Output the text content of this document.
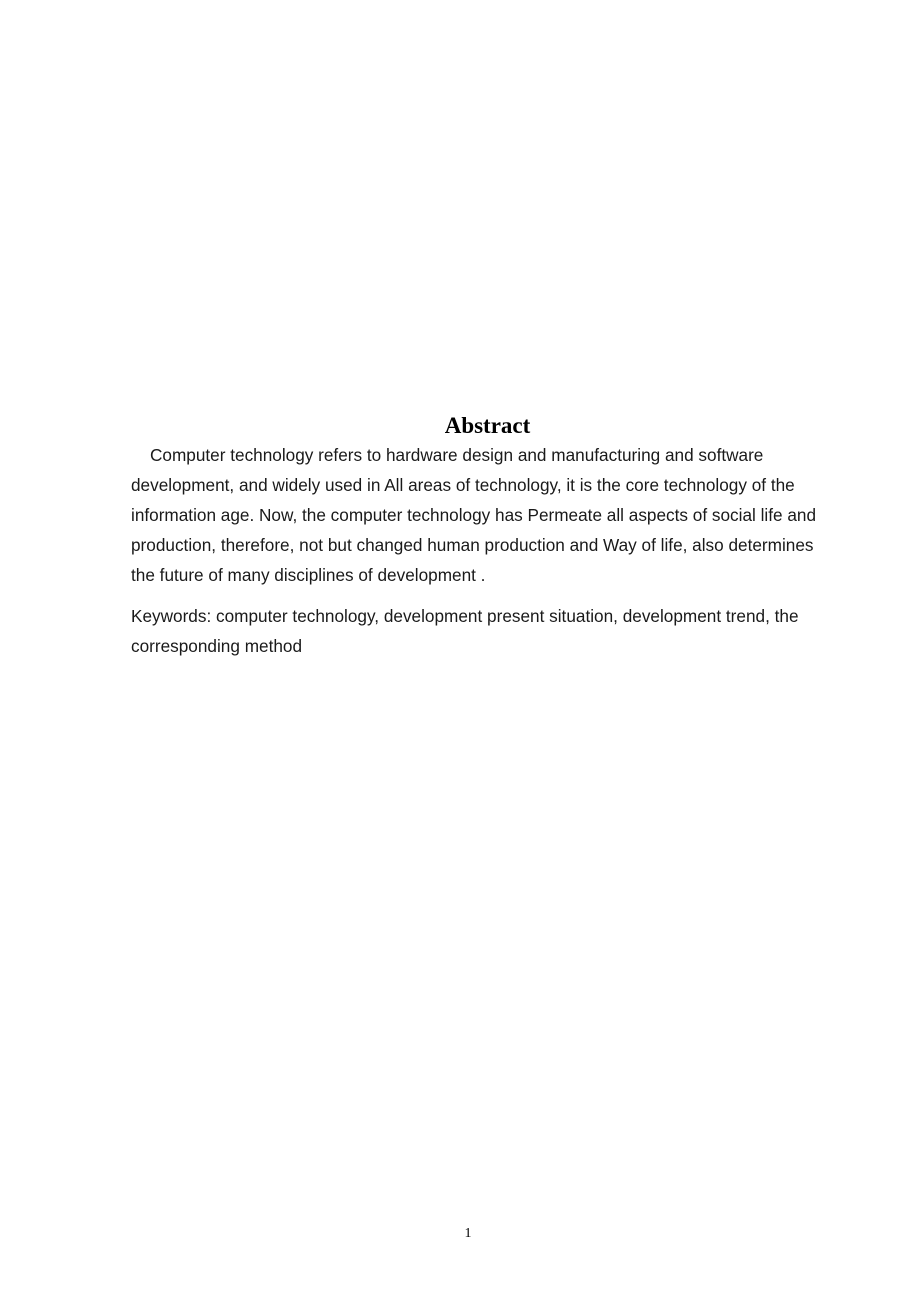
Abstract

Computer technology refers to hardware design and manufacturing and software development, and widely used in All areas of technology, it is the core technology of the information age. Now, the computer technology has Permeate all aspects of social life and production, therefore, not but changed human production and Way of life, also determines the future of many disciplines of development .

Keywords: computer technology, development present situation, development trend, the corresponding method

1
